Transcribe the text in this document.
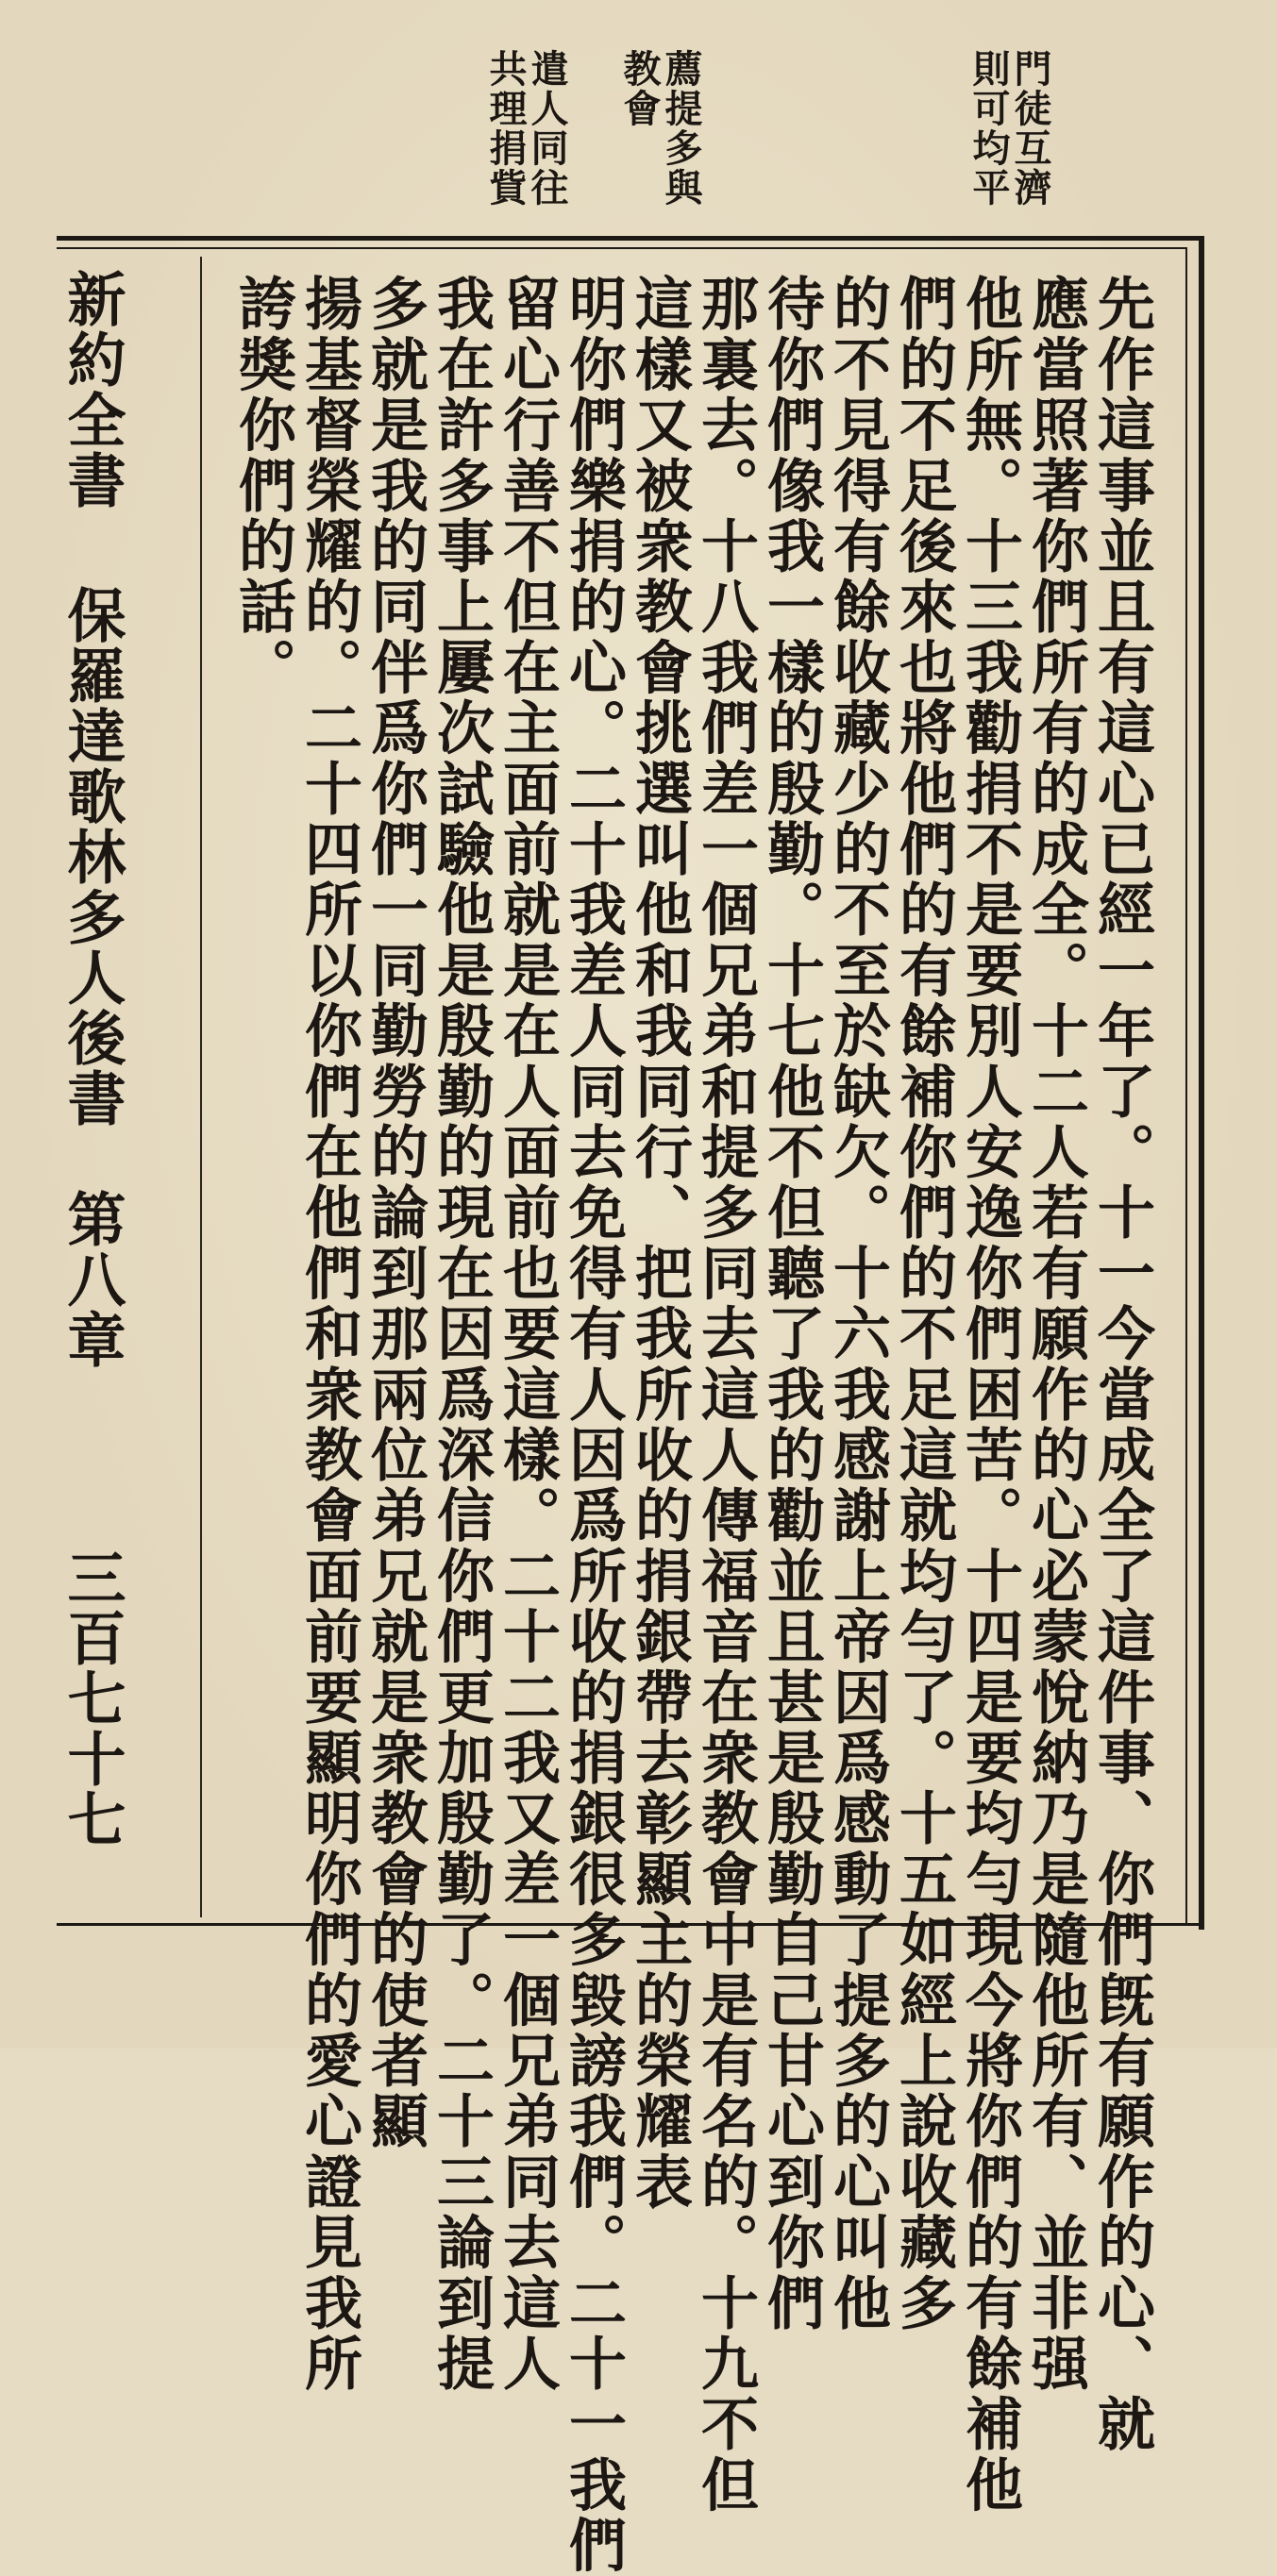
門徒互濟
則可均平
薦提多與
教會
遣人同往
共理捐貲

先作這事並且有這心已經一年了。十一今當成全了這件事、你們旣有願作的心、就

應當照著你們所有的成全。十二人若有願作的心必蒙悅納乃是隨他所有、並非强

他所無。十三我勸捐不是要別人安逸你們困苦。十四是要均勻現今將你們的有餘補他

們的不足後來也將他們的有餘補你們的不足這就均勻了。十五如經上說收藏多

的不見得有餘收藏少的不至於缺欠。十六我感謝上帝因爲感動了提多的心叫他

待你們像我一樣的殷勤。十七他不但聽了我的勸並且甚是殷勤自己甘心到你們

那裏去。十八我們差一個兄弟和提多同去這人傳福音在衆教會中是有名的。十九不但

這樣又被衆教會挑選叫他和我同行、把我所收的捐銀帶去彰顯主的榮耀表

明你們樂捐的心。二十我差人同去免得有人因爲所收的捐銀很多毀謗我們。二十一我們

留心行善不但在主面前就是在人面前也要這樣。二十二我又差一個兄弟同去這人

我在許多事上屢次試驗他是殷勤的現在因爲深信你們更加殷勤了。二十三論到提

多就是我的同伴爲你們一同勤勞的論到那兩位弟兄就是衆教會的使者顯

揚基督榮耀的。二十四所以你們在他們和衆教會面前要顯明你們的愛心證見我所

誇獎你們的話。

新約全書
保羅達歌林多人後書　第八章
三百七十七
